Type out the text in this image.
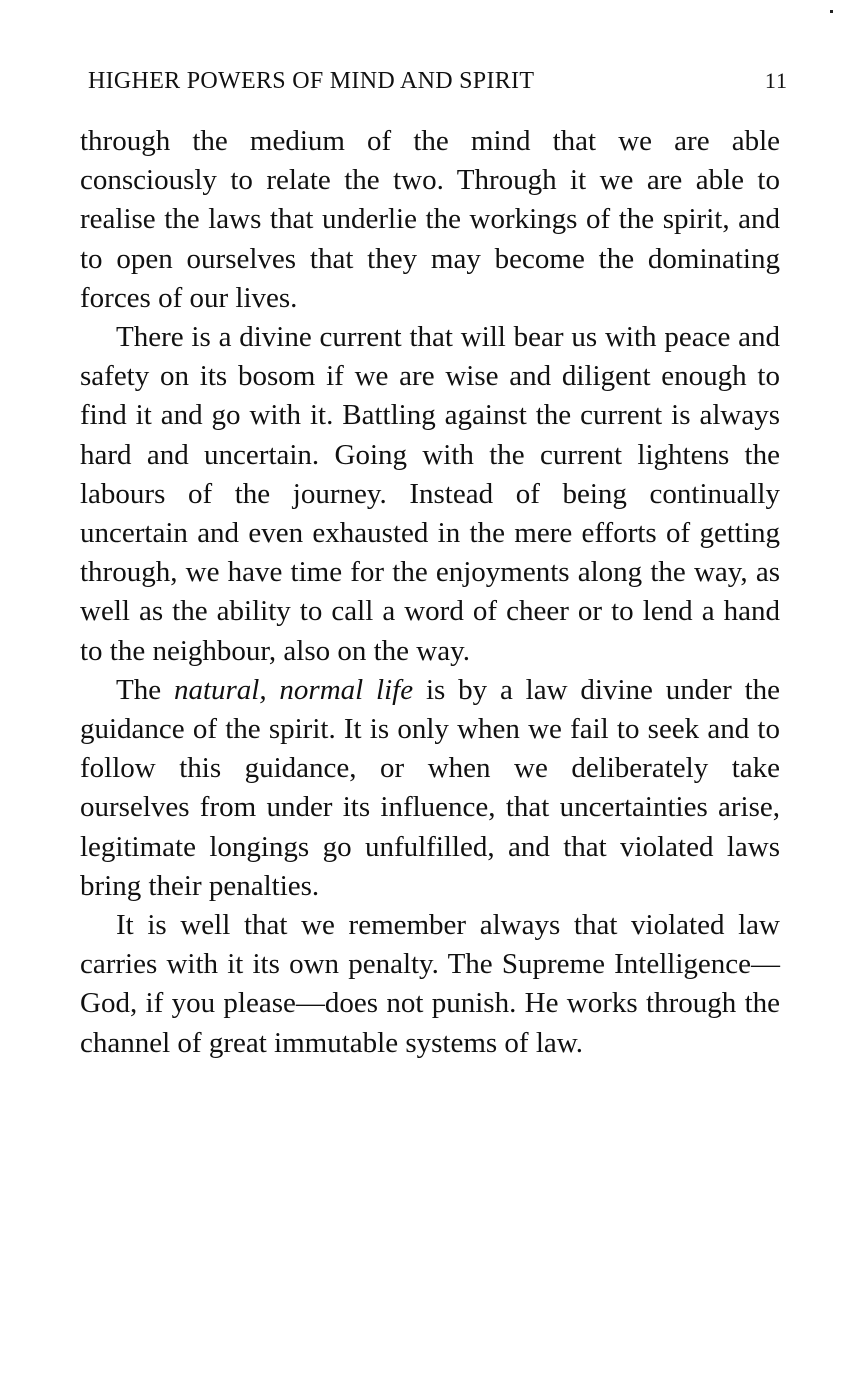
HIGHER POWERS OF MIND AND SPIRIT	11

through the medium of the mind that we are able consciously to relate the two. Through it we are able to realise the laws that underlie the workings of the spirit, and to open ourselves that they may become the dominating forces of our lives.

There is a divine current that will bear us with peace and safety on its bosom if we are wise and diligent enough to find it and go with it. Battling against the current is always hard and uncertain. Going with the current lightens the labours of the journey. Instead of being continually uncertain and even exhausted in the mere efforts of getting through, we have time for the enjoyments along the way, as well as the ability to call a word of cheer or to lend a hand to the neighbour, also on the way.

The natural, normal life is by a law divine under the guidance of the spirit. It is only when we fail to seek and to follow this guidance, or when we deliberately take ourselves from under its influence, that uncertainties arise, legitimate longings go unfulfilled, and that violated laws bring their penalties.

It is well that we remember always that violated law carries with it its own penalty. The Supreme Intelligence—God, if you please—does not punish. He works through the channel of great immutable systems of law.
